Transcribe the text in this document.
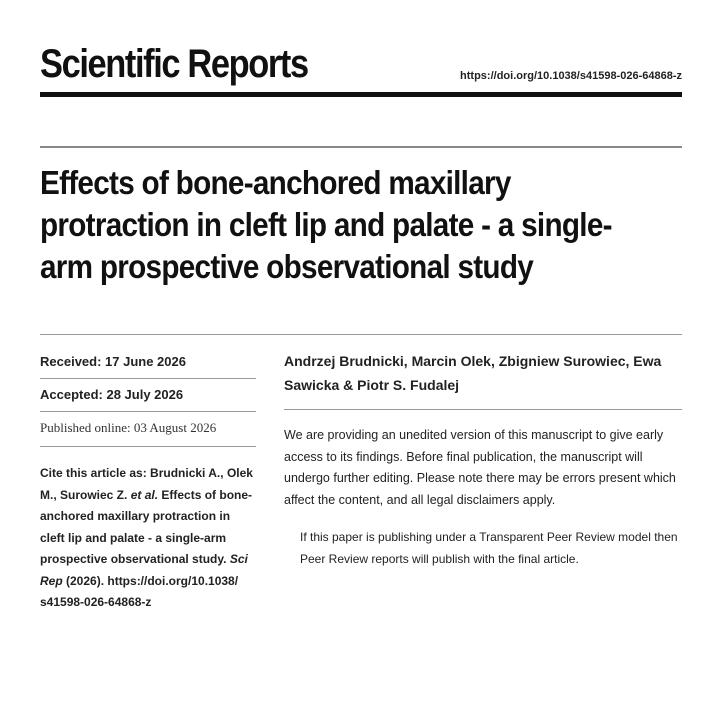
Scientific Reports	https://doi.org/10.1038/s41598-026-64868-z
Effects of bone-anchored maxillary protraction in cleft lip and palate - a single-arm prospective observational study
Received: 17 June 2026
Accepted: 28 July 2026
Published online: 03 August 2026
Cite this article as: Brudnicki A., Olek M., Surowiec Z. et al. Effects of bone-anchored maxillary protraction in cleft lip and palate - a single-arm prospective observational study. Sci Rep (2026). https://doi.org/10.1038/ s41598-026-64868-z
Andrzej Brudnicki, Marcin Olek, Zbigniew Surowiec, Ewa Sawicka & Piotr S. Fudalej

We are providing an unedited version of this manuscript to give early access to its findings. Before final publication, the manuscript will undergo further editing. Please note there may be errors present which affect the content, and all legal disclaimers apply.

If this paper is publishing under a Transparent Peer Review model then Peer Review reports will publish with the final article.
